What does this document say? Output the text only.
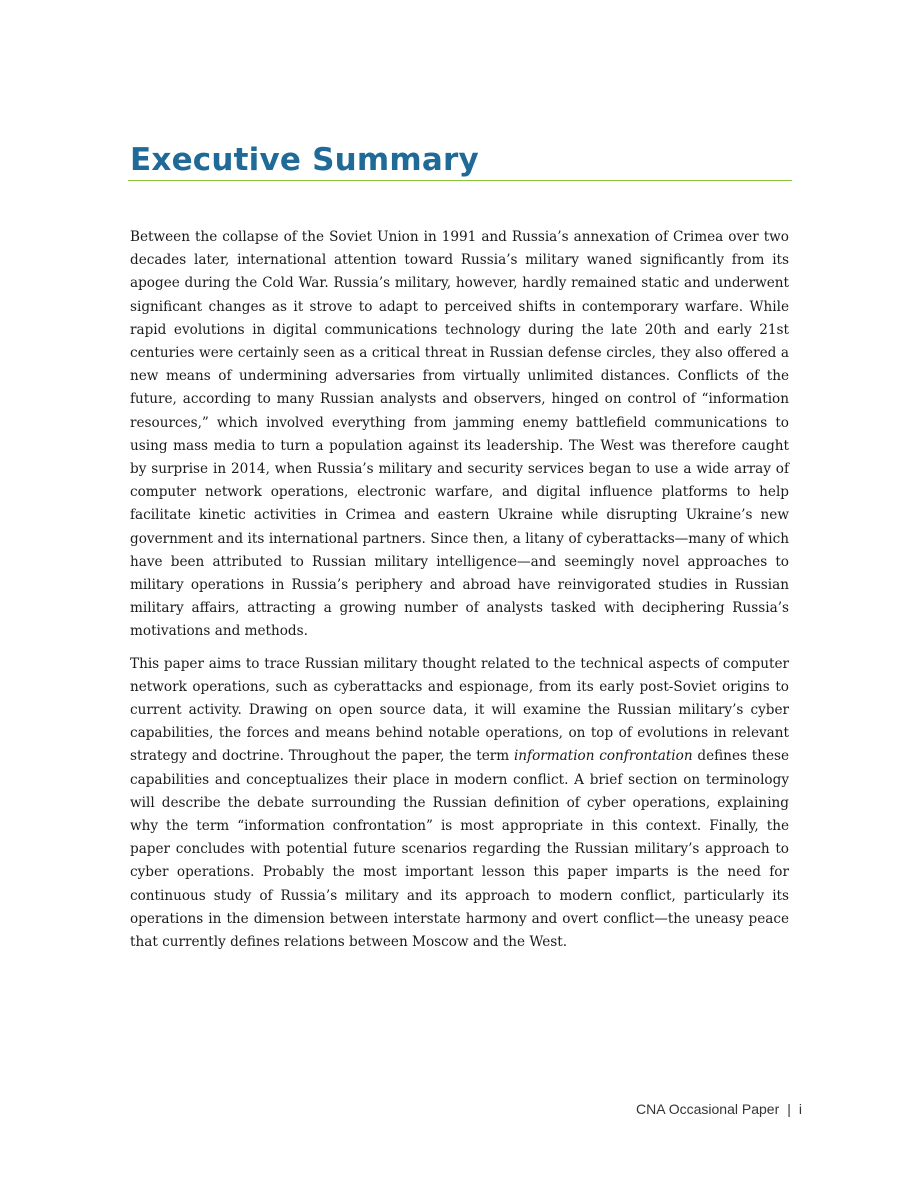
Executive Summary

Between the collapse of the Soviet Union in 1991 and Russia’s annexation of Crimea over two decades later, international attention toward Russia’s military waned significantly from its apogee during the Cold War. Russia’s military, however, hardly remained static and underwent significant changes as it strove to adapt to perceived shifts in contemporary warfare. While rapid evolutions in digital communications technology during the late 20th and early 21st centuries were certainly seen as a critical threat in Russian defense circles, they also offered a new means of undermining adversaries from virtually unlimited distances. Conflicts of the future, according to many Russian analysts and observers, hinged on control of “information resources,” which involved everything from jamming enemy battlefield communications to using mass media to turn a population against its leadership. The West was therefore caught by surprise in 2014, when Russia’s military and security services began to use a wide array of computer network operations, electronic warfare, and digital influence platforms to help facilitate kinetic activities in Crimea and eastern Ukraine while disrupting Ukraine’s new government and its international partners. Since then, a litany of cyberattacks—many of which have been attributed to Russian military intelligence—and seemingly novel approaches to military operations in Russia’s periphery and abroad have reinvigorated studies in Russian military affairs, attracting a growing number of analysts tasked with deciphering Russia’s motivations and methods.

This paper aims to trace Russian military thought related to the technical aspects of computer network operations, such as cyberattacks and espionage, from its early post-Soviet origins to current activity. Drawing on open source data, it will examine the Russian military’s cyber capabilities, the forces and means behind notable operations, on top of evolutions in relevant strategy and doctrine. Throughout the paper, the term information confrontation defines these capabilities and conceptualizes their place in modern conflict. A brief section on terminology will describe the debate surrounding the Russian definition of cyber operations, explaining why the term “information confrontation” is most appropriate in this context. Finally, the paper concludes with potential future scenarios regarding the Russian military’s approach to cyber operations. Probably the most important lesson this paper imparts is the need for continuous study of Russia’s military and its approach to modern conflict, particularly its operations in the dimension between interstate harmony and overt conflict—the uneasy peace that currently defines relations between Moscow and the West.

CNA Occasional Paper | i
